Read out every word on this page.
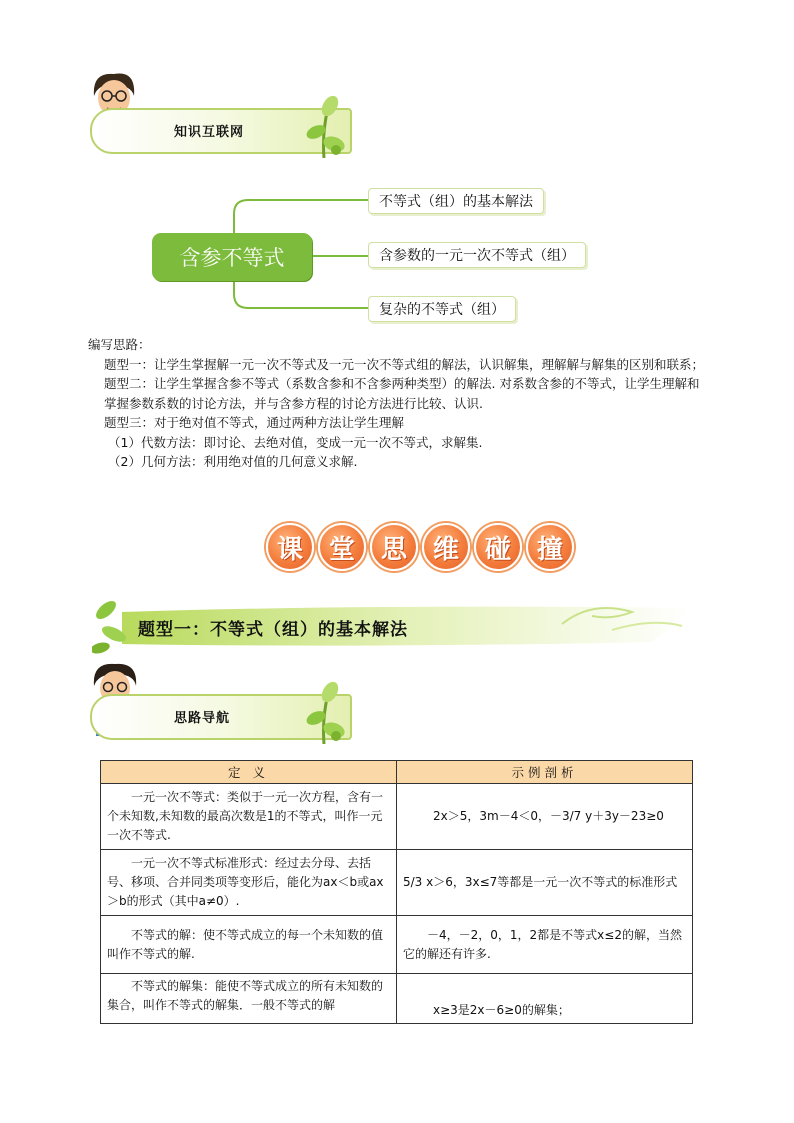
知识互联网
含参不等式
不等式（组）的基本解法
含参数的一元一次不等式（组）
复杂的不等式（组）

编写思路：

题型一：让学生掌握解一元一次不等式及一元一次不等式组的解法，认识解集，理解解与解集的区别和联系；

题型二：让学生掌握含参不等式（系数含参和不含参两种类型）的解法. 对系数含参的不等式，让学生理解和掌握参数系数的讨论方法，并与含参方程的讨论方法进行比较、认识.

题型三：对于绝对值不等式，通过两种方法让学生理解

（1）代数方法：即讨论、去绝对值，变成一元一次不等式，求解集.

（2）几何方法：利用绝对值的几何意义求解.

课 堂 思 维 碰 撞
题型一：不等式（组）的基本解法
思路导航
定 义	示例剖析
一元一次不等式：类似于一元一次方程，含有一个未知数,未知数的最高次数是1的不等式，叫作一元一次不等式.	2x＞5，3m－4＜0，－3/7 y＋3y－23≥0
一元一次不等式标准形式：经过去分母、去括号、移项、合并同类项等变形后，能化为ax＜b或ax＞b的形式（其中a≠0）.	5/3 x＞6，3x≤7等都是一元一次不等式的标准形式
不等式的解：使不等式成立的每一个未知数的值叫作不等式的解.	－4，－2，0，1，2都是不等式x≤2的解，当然它的解还有许多.
不等式的解集：能使不等式成立的所有未知数的集合，叫作不等式的解集．一般不等式的解	x≥3是2x－6≥0的解集；
